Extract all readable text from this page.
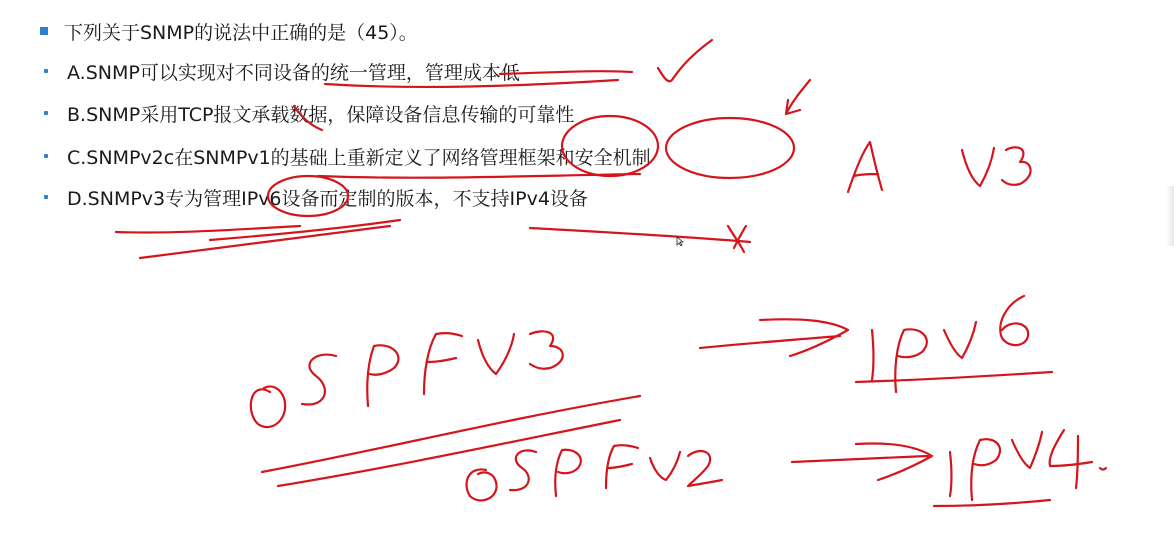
下列关于SNMP的说法中正确的是（45）。
A.SNMP可以实现对不同设备的统一管理，管理成本低
B.SNMP采用TCP报文承载数据，保障设备信息传输的可靠性
C.SNMPv2c在SNMPv1的基础上重新定义了网络管理框架和安全机制
D.SNMPv3专为管理IPv6设备而定制的版本，不支持IPv4设备
